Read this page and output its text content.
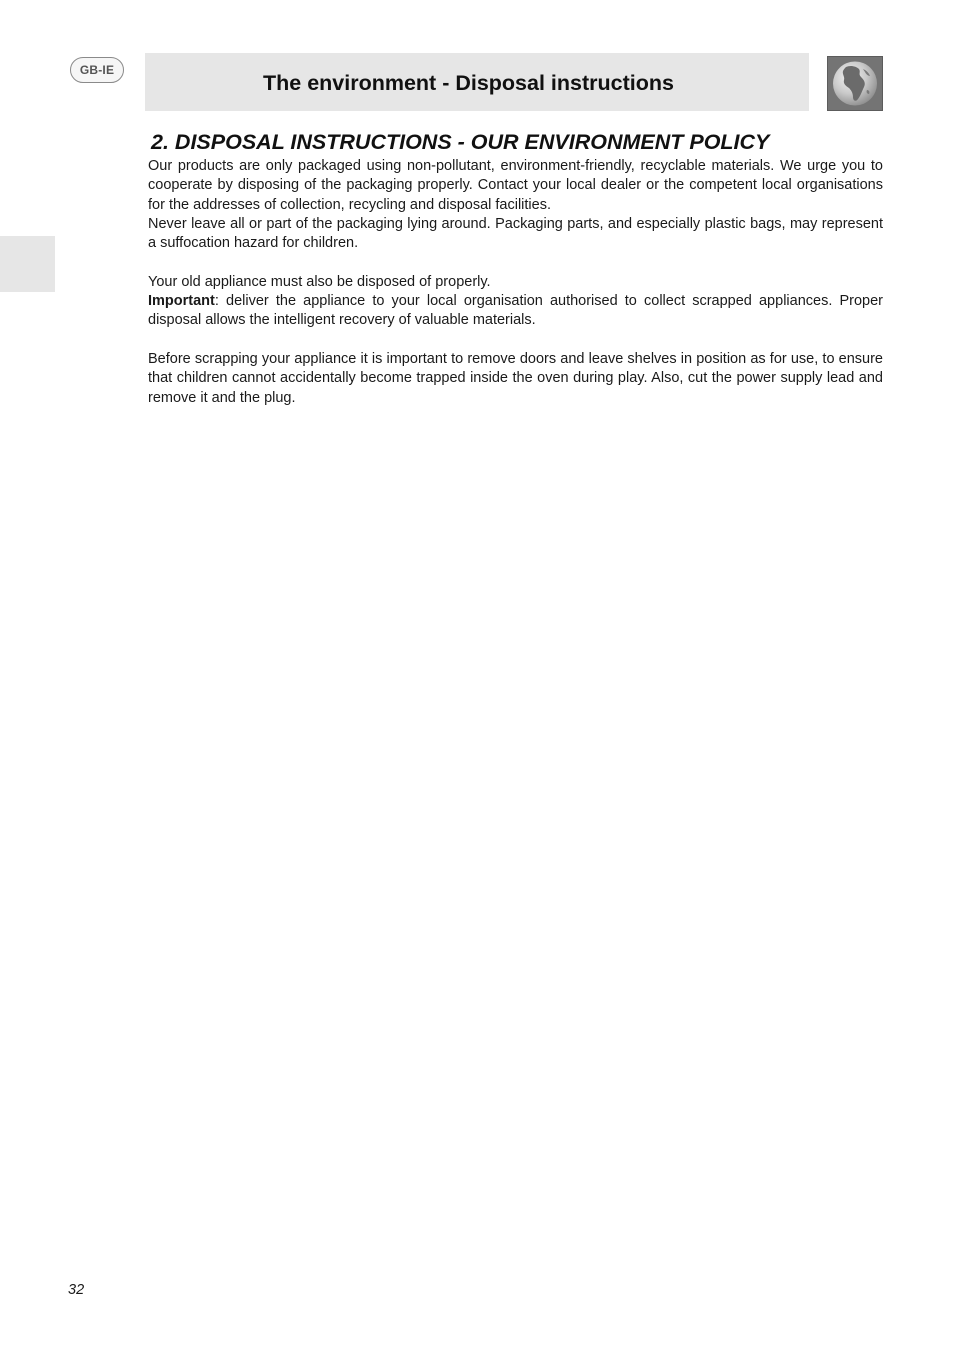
GB-IE
The environment - Disposal instructions
2. DISPOSAL INSTRUCTIONS - OUR ENVIRONMENT POLICY

Our products are only packaged using non-pollutant, environment-friendly, recyclable materials. We urge you to cooperate by disposing of the packaging properly. Contact your local dealer or the competent local organisations for the addresses of collection, recycling and disposal facilities.

Never leave all or part of the packaging lying around. Packaging parts, and especially plastic bags, may represent a suffocation hazard for children.

Your old appliance must also be disposed of properly.

Important: deliver the appliance to your local organisation authorised to collect scrapped appliances. Proper disposal allows the intelligent recovery of valuable materials.

Before scrapping your appliance it is important to remove doors and leave shelves in position as for use, to ensure that children cannot accidentally become trapped inside the oven during play. Also, cut the power supply lead and remove it and the plug.

32
